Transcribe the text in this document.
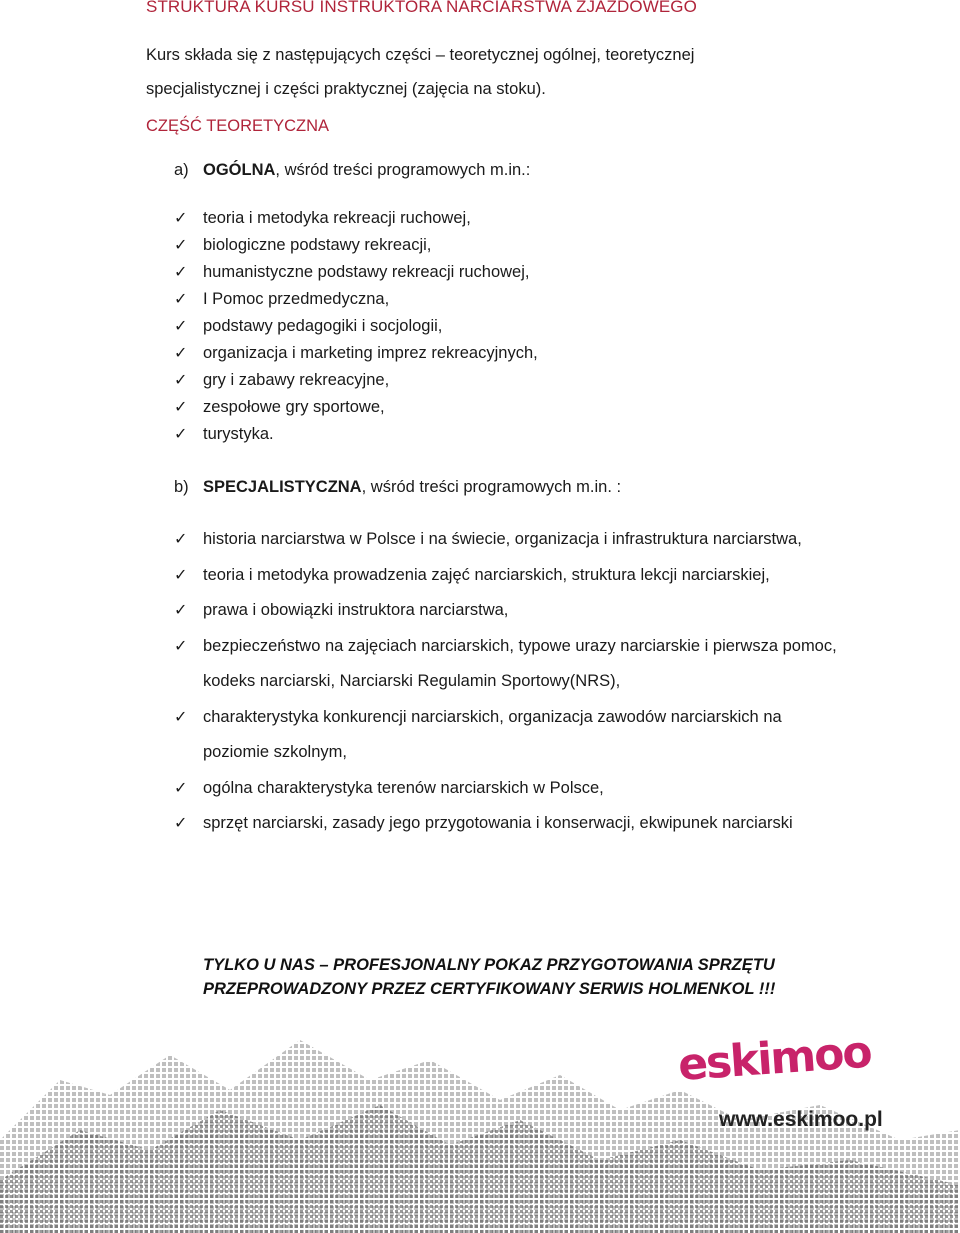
STRUKTURA KURSU INSTRUKTORA NARCIARSTWA ZJAZDOWEGO
Kurs składa się z następujących części – teoretycznej ogólnej, teoretycznej specjalistycznej i części praktycznej (zajęcia na stoku).
CZĘŚĆ TEORETYCZNA
a) OGÓLNA, wśród treści programowych m.in.:
✓ teoria i metodyka rekreacji ruchowej,
✓ biologiczne podstawy rekreacji,
✓ humanistyczne podstawy rekreacji ruchowej,
✓ I Pomoc przedmedyczna,
✓ podstawy pedagogiki i socjologii,
✓ organizacja i marketing imprez rekreacyjnych,
✓ gry i zabawy rekreacyjne,
✓ zespołowe gry sportowe,
✓ turystyka.
b) SPECJALISTYCZNA, wśród treści programowych m.in. :
✓ historia narciarstwa w Polsce i na świecie, organizacja i infrastruktura narciarstwa,
✓ teoria i metodyka prowadzenia zajęć narciarskich, struktura lekcji narciarskiej,
✓ prawa i obowiązki instruktora narciarstwa,
✓ bezpieczeństwo na zajęciach narciarskich, typowe urazy narciarskie i pierwsza pomoc, kodeks narciarski, Narciarski Regulamin Sportowy(NRS),
✓ charakterystyka konkurencji narciarskich, organizacja zawodów narciarskich na poziomie szkolnym,
✓ ogólna charakterystyka terenów narciarskich w Polsce,
✓ sprzęt narciarski, zasady jego przygotowania i konserwacji, ekwipunek narciarski
TYLKO U NAS – PROFESJONALNY POKAZ PRZYGOTOWANIA SPRZĘTU PRZEPROWADZONY PRZEZ CERTYFIKOWANY SERWIS HOLMENKOL !!!
eskimoo
www.eskimoo.pl
